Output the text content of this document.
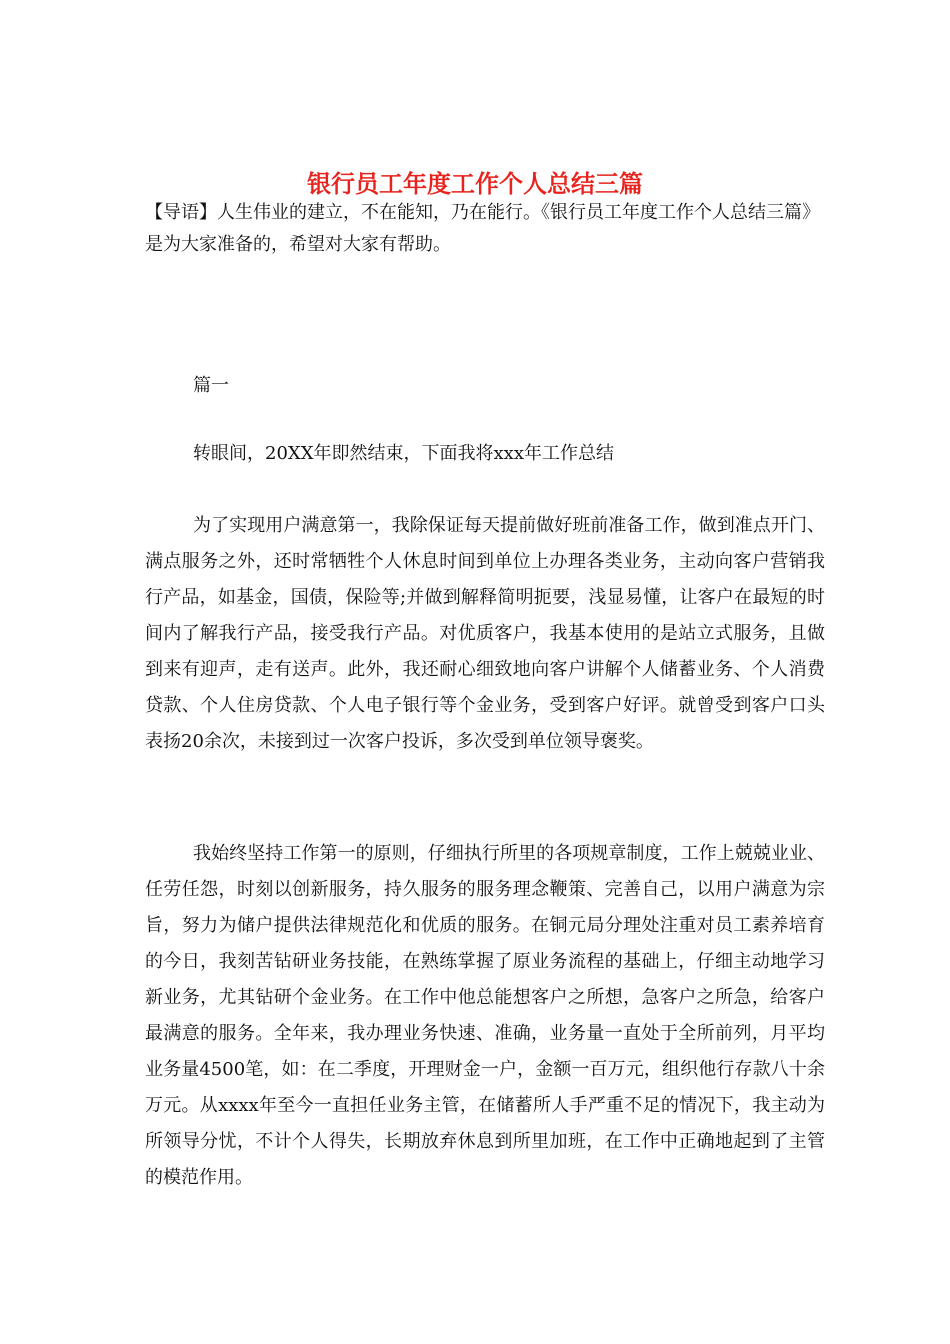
银行员工年度工作个人总结三篇

【导语】人生伟业的建立，不在能知，乃在能行。《银行员工年度工作个人总结三篇》是为大家准备的，希望对大家有帮助。

篇一

转眼间，20XX年即然结束，下面我将xxx年工作总结

为了实现用户满意第一，我除保证每天提前做好班前准备工作，做到准点开门、满点服务之外，还时常牺牲个人休息时间到单位上办理各类业务，主动向客户营销我行产品，如基金，国债，保险等;并做到解释简明扼要，浅显易懂，让客户在最短的时间内了解我行产品，接受我行产品。对优质客户，我基本使用的是站立式服务，且做到来有迎声，走有送声。此外，我还耐心细致地向客户讲解个人储蓄业务、个人消费贷款、个人住房贷款、个人电子银行等个金业务，受到客户好评。就曾受到客户口头表扬20余次，未接到过一次客户投诉，多次受到单位领导褒奖。

我始终坚持工作第一的原则，仔细执行所里的各项规章制度，工作上兢兢业业、任劳任怨，时刻以创新服务，持久服务的服务理念鞭策、完善自己，以用户满意为宗旨，努力为储户提供法律规范化和优质的服务。在铜元局分理处注重对员工素养培育的今日，我刻苦钻研业务技能，在熟练掌握了原业务流程的基础上，仔细主动地学习新业务，尤其钻研个金业务。在工作中他总能想客户之所想，急客户之所急，给客户最满意的服务。全年来，我办理业务快速、准确，业务量一直处于全所前列，月平均业务量4500笔，如：在二季度，开理财金一户，金额一百万元，组织他行存款八十余万元。从xxxx年至今一直担任业务主管，在储蓄所人手严重不足的情况下，我主动为所领导分忧，不计个人得失，长期放弃休息到所里加班，在工作中正确地起到了主管的模范作用。
